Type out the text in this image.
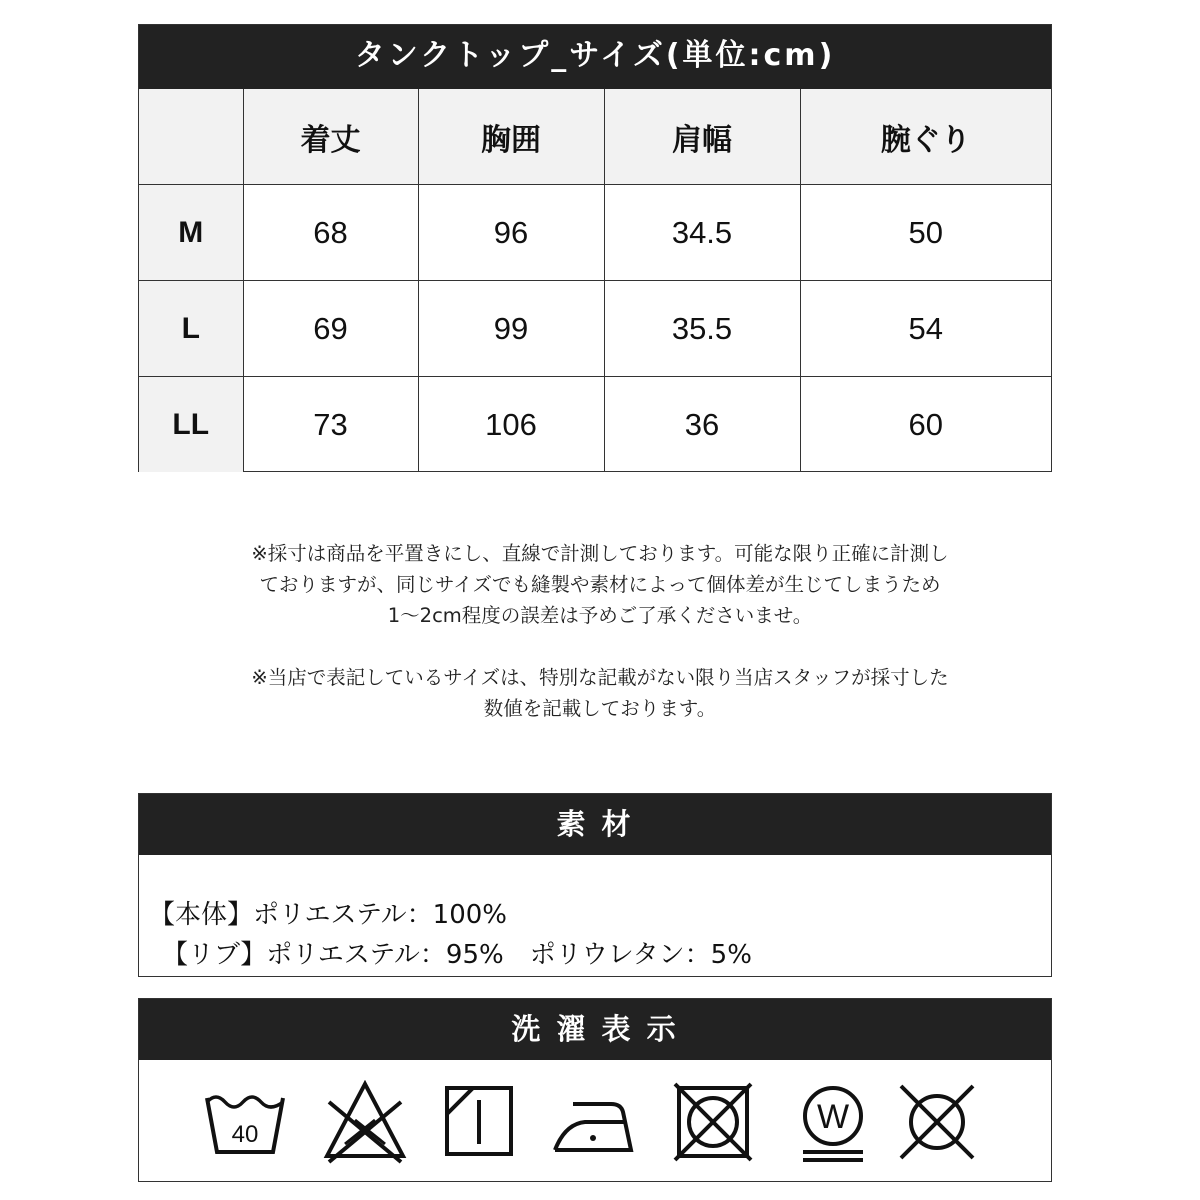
タンクトップ_サイズ(単位:cm)
	着丈	胸囲	肩幅	腕ぐり
M	68	96	34.5	50
L	69	99	35.5	54
LL	73	106	36	60

※採寸は商品を平置きにし、直線で計測しております。可能な限り正確に計測し

ておりますが、同じサイズでも縫製や素材によって個体差が生じてしまうため

1～2cm程度の誤差は予めご了承くださいませ。

※当店で表記しているサイズは、特別な記載がない限り当店スタッフが採寸した

数値を記載しております。

素 材
【本体】ポリエステル：100%
　【リブ】ポリエステル：95%　ポリウレタン：5%
洗 濯 表 示
40	W
